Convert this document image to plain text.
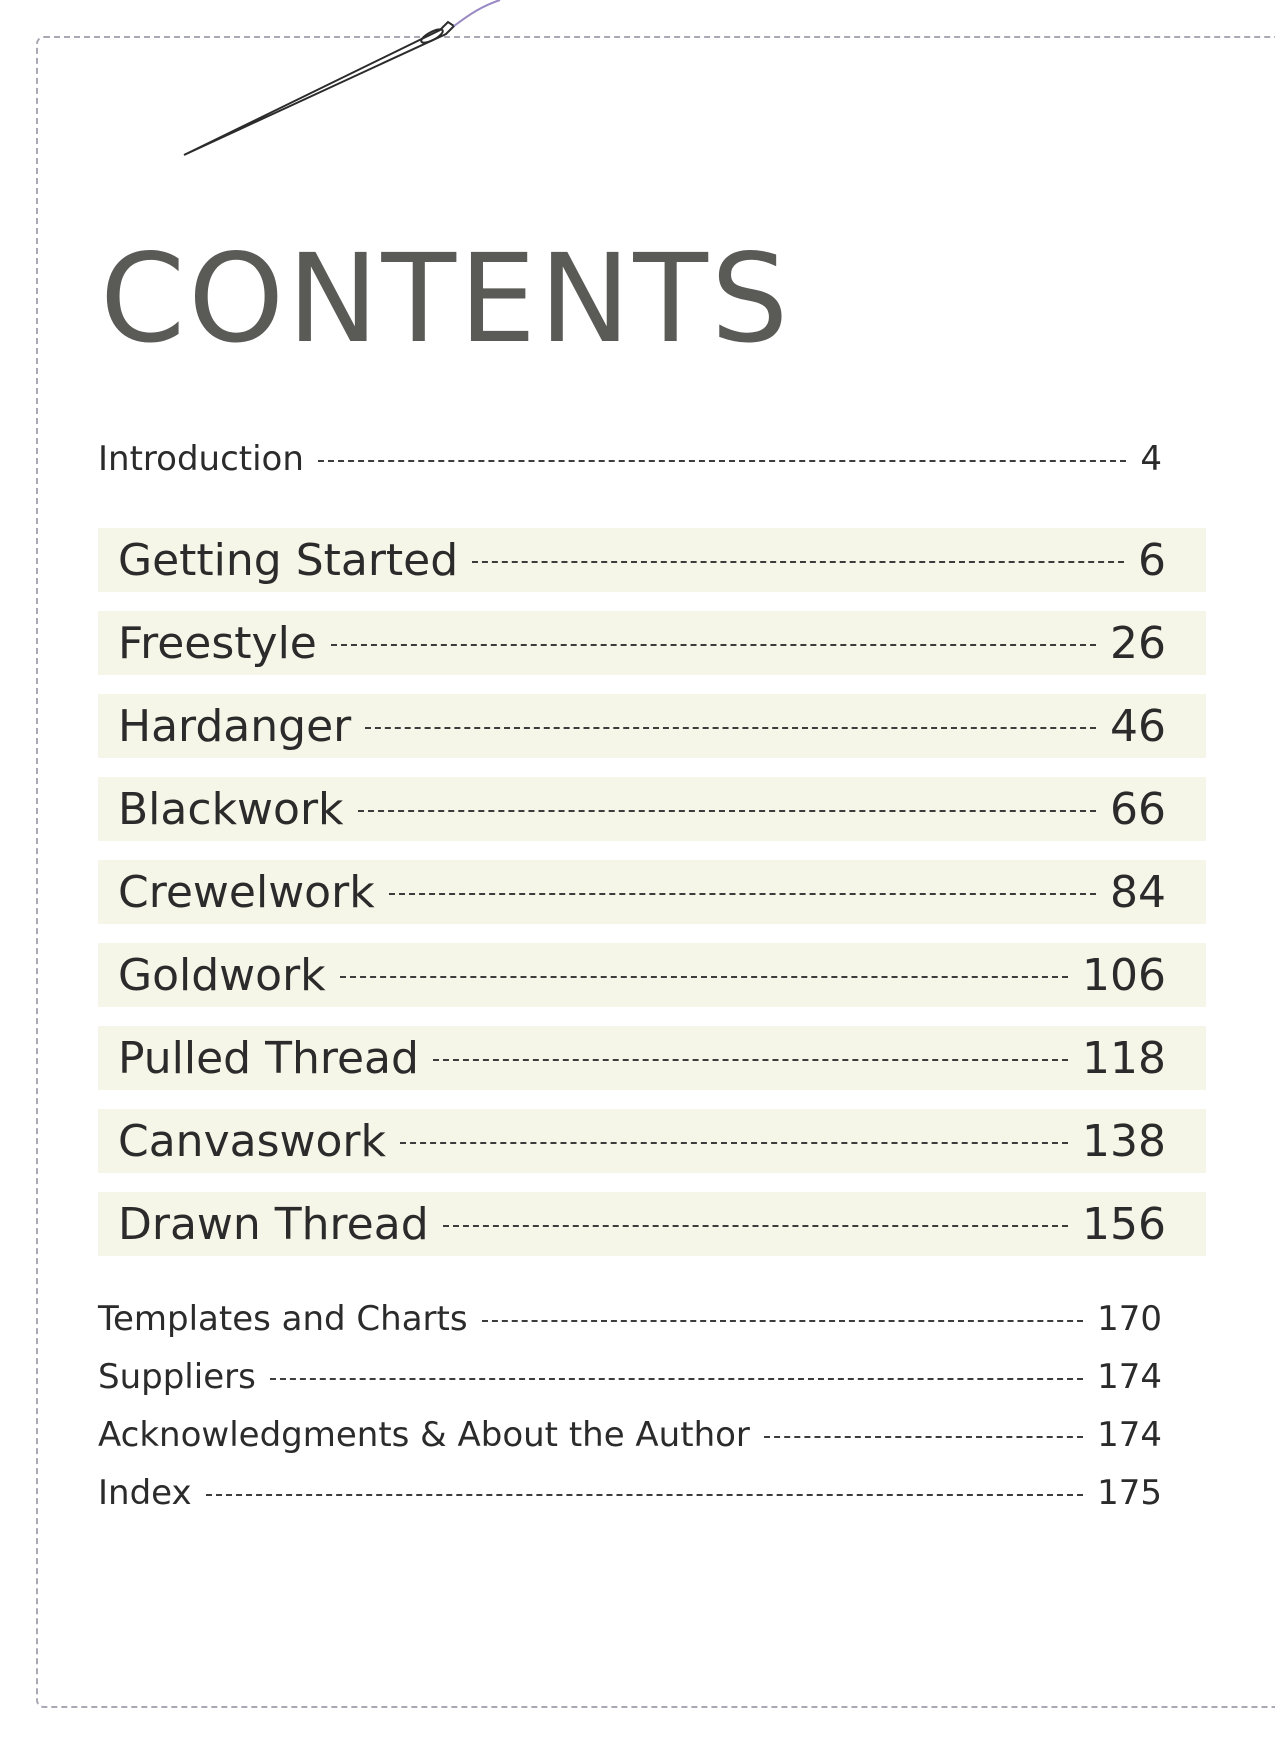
CONTENTS
Introduction	4
Getting Started	6
Freestyle	26
Hardanger	46
Blackwork	66
Crewelwork	84
Goldwork	106
Pulled Thread	118
Canvaswork	138
Drawn Thread	156
Templates and Charts	170
Suppliers	174
Acknowledgments & About the Author	174
Index	175
